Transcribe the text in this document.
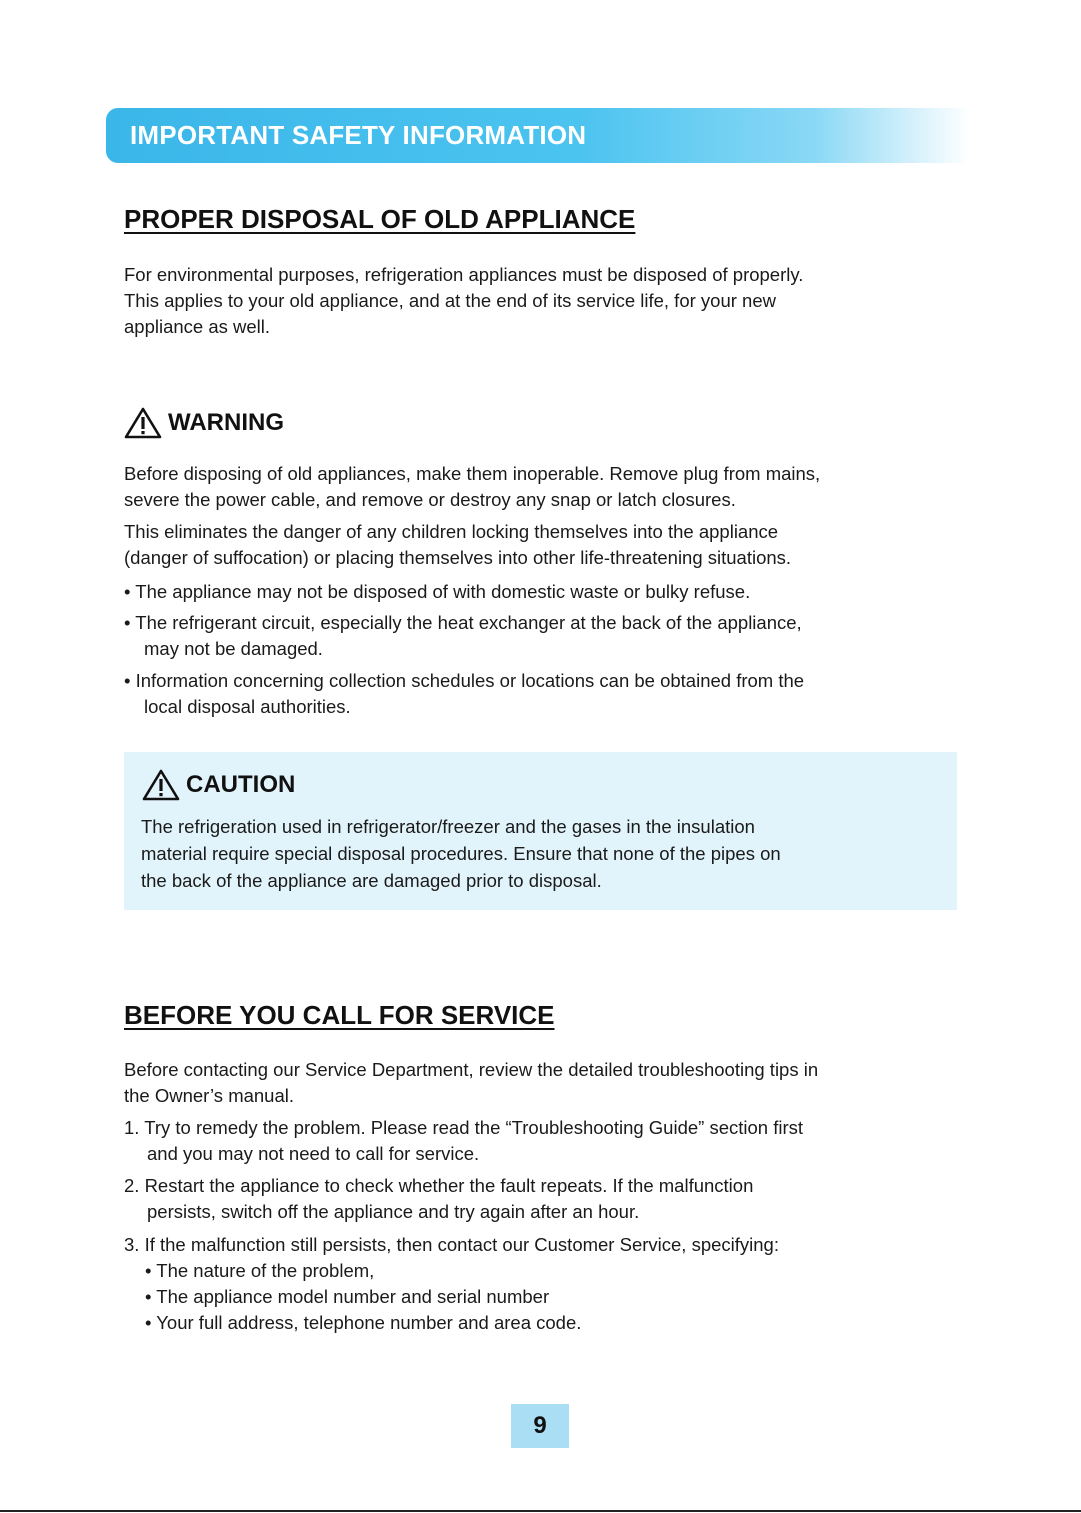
IMPORTANT SAFETY INFORMATION
PROPER DISPOSAL OF OLD APPLIANCE

For environmental purposes, refrigeration appliances must be disposed of properly.
This applies to your old appliance, and at the end of its service life, for your new
appliance as well.

WARNING

Before disposing of old appliances, make them inoperable. Remove plug from mains,
severe the power cable, and remove or destroy any snap or latch closures.

This eliminates the danger of any children locking themselves into the appliance
(danger of suffocation) or placing themselves into other life-threatening situations.

• The appliance may not be disposed of with domestic waste or bulky refuse.
• The refrigerant circuit, especially the heat exchanger at the back of the appliance,
may not be damaged.
• Information concerning collection schedules or locations can be obtained from the
local disposal authorities.
CAUTION

The refrigeration used in refrigerator/freezer and the gases in the insulation
material require special disposal procedures. Ensure that none of the pipes on
the back of the appliance are damaged prior to disposal.

BEFORE YOU CALL FOR SERVICE

Before contacting our Service Department, review the detailed troubleshooting tips in
the Owner’s manual.

1. Try to remedy the problem. Please read the “Troubleshooting Guide” section first
and you may not need to call for service.
2. Restart the appliance to check whether the fault repeats. If the malfunction
persists, switch off the appliance and try again after an hour.
3. If the malfunction still persists, then contact our Customer Service, specifying:
• The nature of the problem,
• The appliance model number and serial number
• Your full address, telephone number and area code.
9
